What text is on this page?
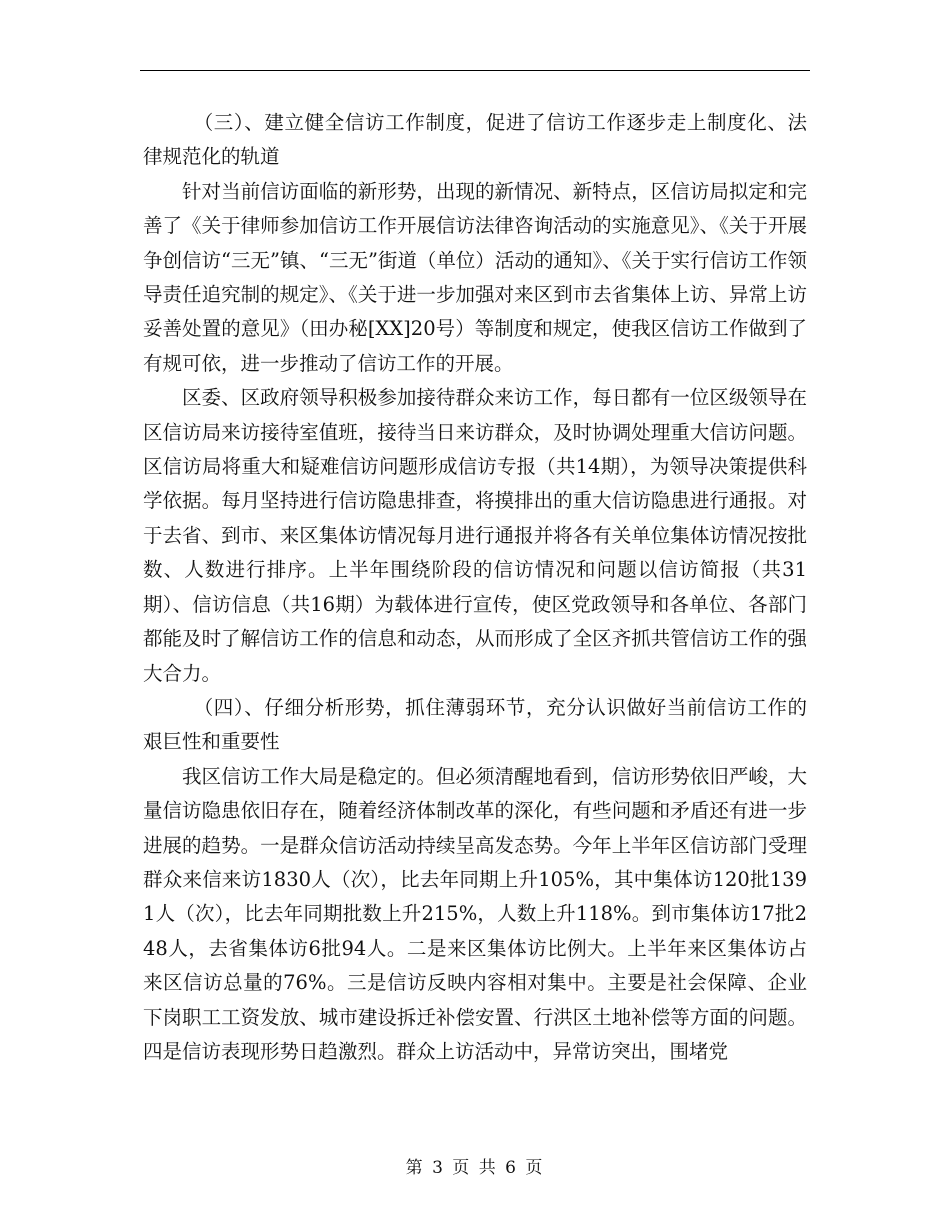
（三）、建立健全信访工作制度，促进了信访工作逐步走上制度化、法律规范化的轨道

针对当前信访面临的新形势，出现的新情况、新特点，区信访局拟定和完善了《关于律师参加信访工作开展信访法律咨询活动的实施意见》、《关于开展争创信访“三无”镇、“三无”街道（单位）活动的通知》、《关于实行信访工作领导责任追究制的规定》、《关于进一步加强对来区到市去省集体上访、异常上访妥善处置的意见》（田办秘[XX]20号）等制度和规定，使我区信访工作做到了有规可依，进一步推动了信访工作的开展。

区委、区政府领导积极参加接待群众来访工作，每日都有一位区级领导在区信访局来访接待室值班，接待当日来访群众，及时协调处理重大信访问题。区信访局将重大和疑难信访问题形成信访专报（共14期），为领导决策提供科学依据。每月坚持进行信访隐患排查，将摸排出的重大信访隐患进行通报。对于去省、到市、来区集体访情况每月进行通报并将各有关单位集体访情况按批数、人数进行排序。上半年围绕阶段的信访情况和问题以信访简报（共31期）、信访信息（共16期）为载体进行宣传，使区党政领导和各单位、各部门都能及时了解信访工作的信息和动态，从而形成了全区齐抓共管信访工作的强大合力。

（四）、仔细分析形势，抓住薄弱环节，充分认识做好当前信访工作的艰巨性和重要性

我区信访工作大局是稳定的。但必须清醒地看到，信访形势依旧严峻，大量信访隐患依旧存在，随着经济体制改革的深化，有些问题和矛盾还有进一步进展的趋势。一是群众信访活动持续呈高发态势。今年上半年区信访部门受理群众来信来访1830人（次），比去年同期上升105%，其中集体访120批1391人（次），比去年同期批数上升215%，人数上升118%。到市集体访17批248人，去省集体访6批94人。二是来区集体访比例大。上半年来区集体访占来区信访总量的76%。三是信访反映内容相对集中。主要是社会保障、企业下岗职工工资发放、城市建设拆迁补偿安置、行洪区土地补偿等方面的问题。四是信访表现形势日趋激烈。群众上访活动中，异常访突出，围堵党

第 3 页 共 6 页
